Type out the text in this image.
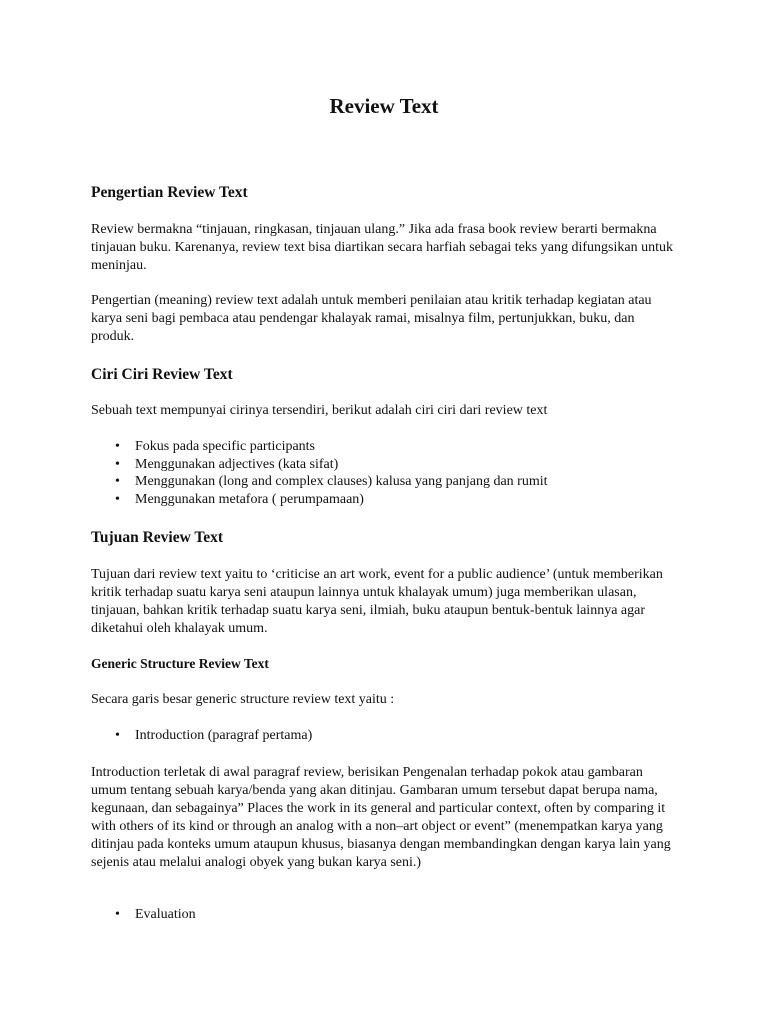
Review Text
Pengertian Review Text

Review bermakna “tinjauan, ringkasan, tinjauan ulang.” Jika ada frasa book review berarti bermakna tinjauan buku. Karenanya, review text bisa diartikan secara harfiah sebagai teks yang difungsikan untuk meninjau.

Pengertian (meaning) review text adalah untuk memberi penilaian atau kritik terhadap kegiatan atau karya seni bagi pembaca atau pendengar khalayak ramai, misalnya film, pertunjukkan, buku, dan produk.

Ciri Ciri Review Text

Sebuah text mempunyai cirinya tersendiri, berikut adalah ciri ciri dari review text

• Fokus pada specific participants
• Menggunakan adjectives (kata sifat)
• Menggunakan (long and complex clauses) kalusa yang panjang dan rumit
• Menggunakan metafora ( perumpamaan)
Tujuan Review Text

Tujuan dari review text yaitu to ‘criticise an art work, event for a public audience’ (untuk memberikan kritik terhadap suatu karya seni ataupun lainnya untuk khalayak umum) juga memberikan ulasan, tinjauan, bahkan kritik terhadap suatu karya seni, ilmiah, buku ataupun bentuk-bentuk lainnya agar diketahui oleh khalayak umum.

Generic Structure Review Text

Secara garis besar generic structure review text yaitu :

• Introduction (paragraf pertama)

Introduction terletak di awal paragraf review, berisikan Pengenalan terhadap pokok atau gambaran umum tentang sebuah karya/benda yang akan ditinjau. Gambaran umum tersebut dapat berupa nama, kegunaan, dan sebagainya” Places the work in its general and particular context, often by comparing it with others of its kind or through an analog with a non–art object or event” (menempatkan karya yang ditinjau pada konteks umum ataupun khusus, biasanya dengan membandingkan dengan karya lain yang sejenis atau melalui analogi obyek yang bukan karya seni.)

• Evaluation
